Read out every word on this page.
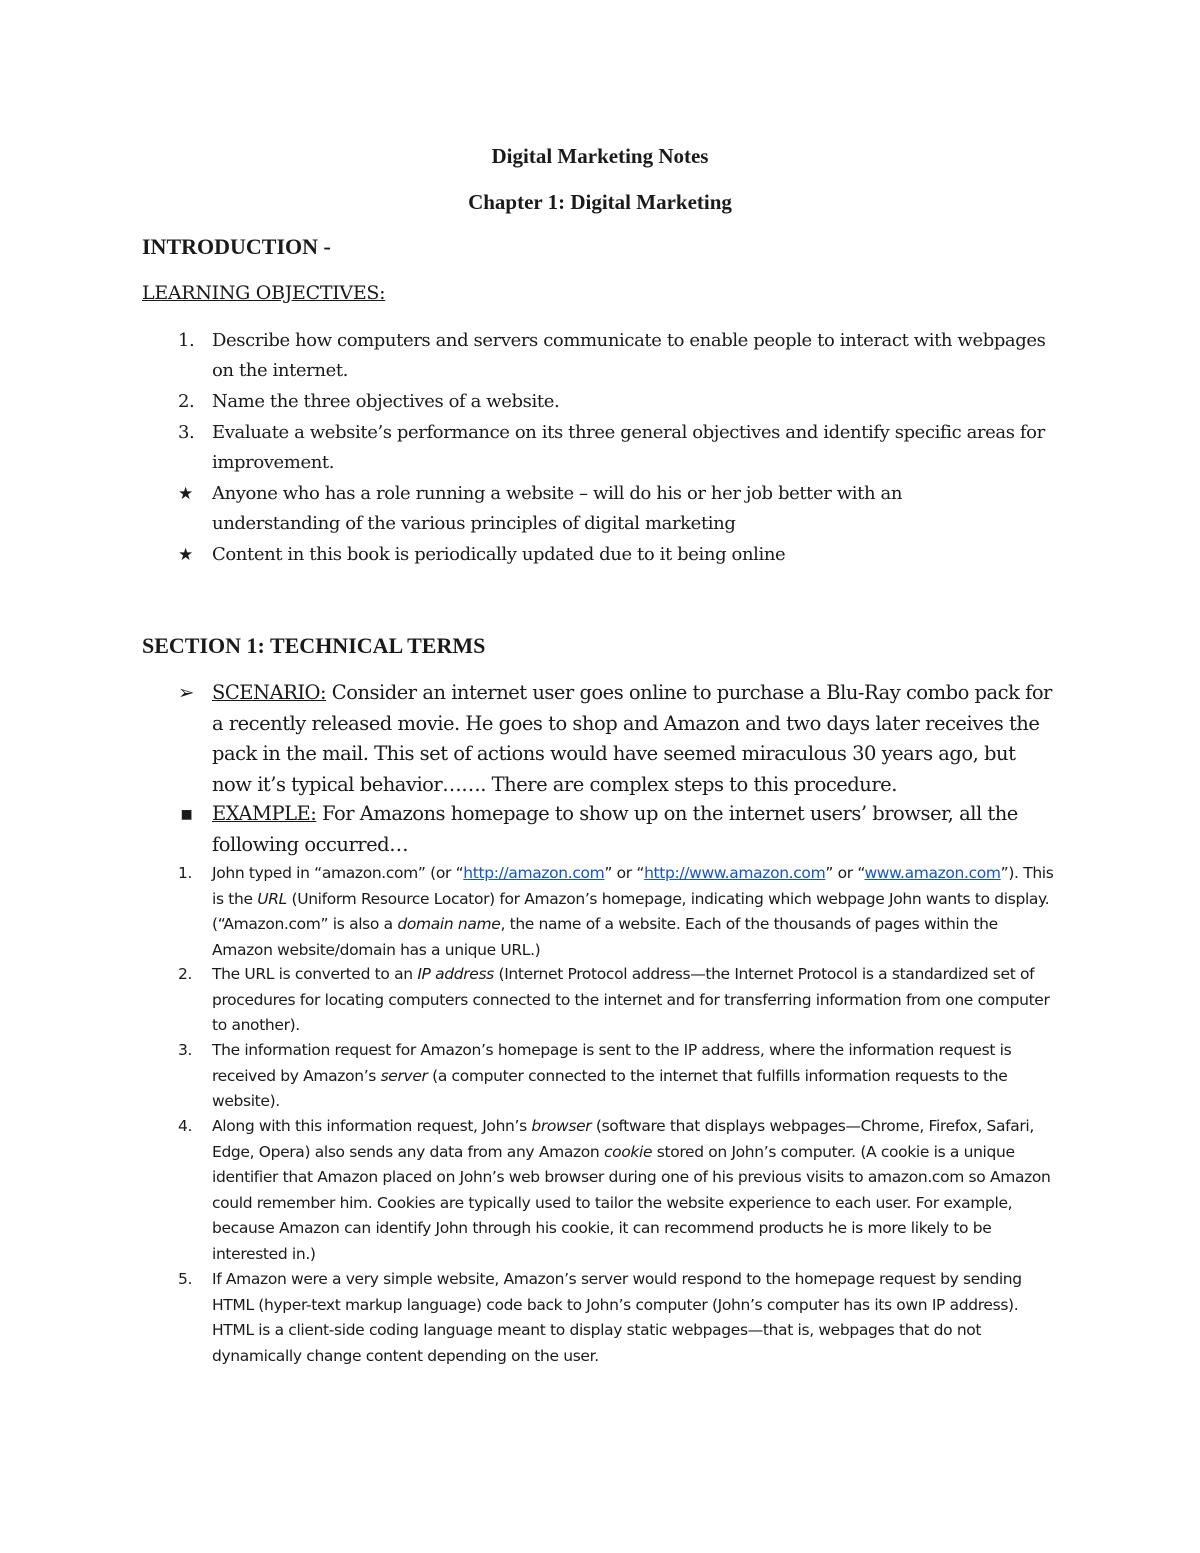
Digital Marketing Notes
Chapter 1: Digital Marketing
INTRODUCTION -
LEARNING OBJECTIVES:
1. Describe how computers and servers communicate to enable people to interact with webpages on the internet.
2. Name the three objectives of a website.
3. Evaluate a website’s performance on its three general objectives and identify specific areas for improvement.
★ Anyone who has a role running a website – will do his or her job better with an understanding of the various principles of digital marketing
★ Content in this book is periodically updated due to it being online
SECTION 1: TECHNICAL TERMS
➢ SCENARIO: Consider an internet user goes online to purchase a Blu-Ray combo pack for a recently released movie. He goes to shop and Amazon and two days later receives the pack in the mail. This set of actions would have seemed miraculous 30 years ago, but now it’s typical behavior……. There are complex steps to this procedure.
▪ EXAMPLE: For Amazons homepage to show up on the internet users’ browser, all the following occurred…
1. John typed in “amazon.com” (or “http://amazon.com” or “http://www.amazon.com” or “www.amazon.com”). This is the URL (Uniform Resource Locator) for Amazon’s homepage, indicating which webpage John wants to display. (“Amazon.com” is also a domain name, the name of a website. Each of the thousands of pages within the Amazon website/domain has a unique URL.)
2. The URL is converted to an IP address (Internet Protocol address—the Internet Protocol is a standardized set of procedures for locating computers connected to the internet and for transferring information from one computer to another).
3. The information request for Amazon’s homepage is sent to the IP address, where the information request is received by Amazon’s server (a computer connected to the internet that fulfills information requests to the website).
4. Along with this information request, John’s browser (software that displays webpages—Chrome, Firefox, Safari, Edge, Opera) also sends any data from any Amazon cookie stored on John’s computer. (A cookie is a unique identifier that Amazon placed on John’s web browser during one of his previous visits to amazon.com so Amazon could remember him. Cookies are typically used to tailor the website experience to each user. For example, because Amazon can identify John through his cookie, it can recommend products he is more likely to be interested in.)
5. If Amazon were a very simple website, Amazon’s server would respond to the homepage request by sending HTML (hyper-text markup language) code back to John’s computer (John’s computer has its own IP address). HTML is a client-side coding language meant to display static webpages—that is, webpages that do not dynamically change content depending on the user.
